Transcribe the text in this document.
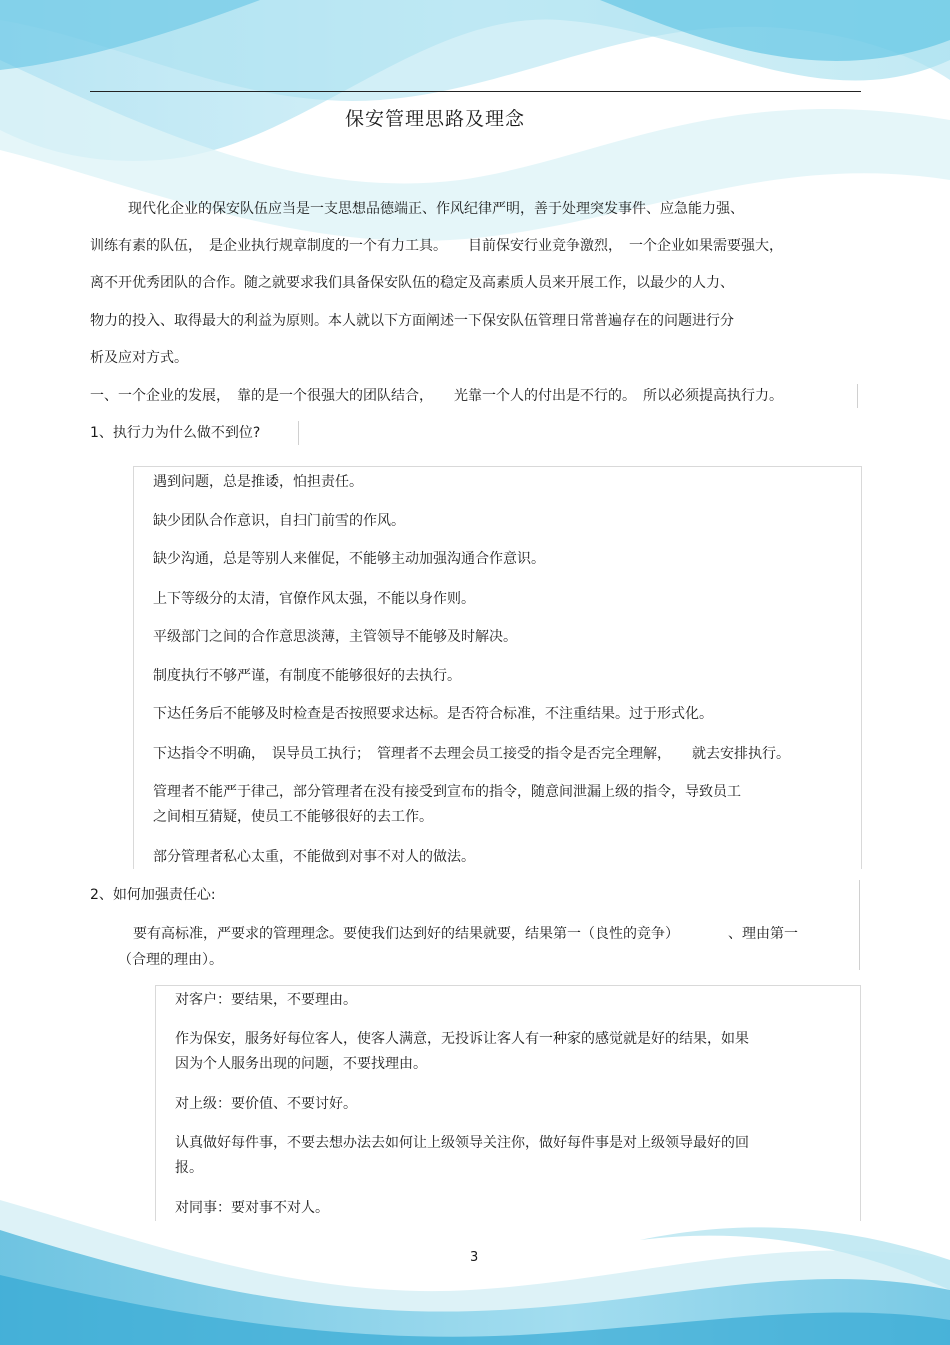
保安管理思路及理念
现代化企业的保安队伍应当是一支思想品德端正、作风纪律严明，善于处理突发事件、应急能力强、
训练有素的队伍，　是企业执行规章制度的一个有力工具。　　目前保安行业竞争激烈，　一个企业如果需要强大，
离不开优秀团队的合作。随之就要求我们具备保安队伍的稳定及高素质人员来开展工作，以最少的人力、
物力的投入、取得最大的利益为原则。本人就以下方面阐述一下保安队伍管理日常普遍存在的问题进行分
析及应对方式。
一、一个企业的发展，　靠的是一个很强大的团队结合，　　光靠一个人的付出是不行的。　所以必须提高执行力。
1、执行力为什么做不到位?
遇到问题，总是推诿，怕担责任。
缺少团队合作意识，自扫门前雪的作风。
缺少沟通，总是等别人来催促，不能够主动加强沟通合作意识。
上下等级分的太清，官僚作风太强，不能以身作则。
平级部门之间的合作意思淡薄，主管领导不能够及时解决。
制度执行不够严谨，有制度不能够很好的去执行。
下达任务后不能够及时检查是否按照要求达标。是否符合标准，不注重结果。过于形式化。
下达指令不明确，　误导员工执行；　管理者不去理会员工接受的指令是否完全理解，　　就去安排执行。
管理者不能严于律己，部分管理者在没有接受到宣布的指令，随意间泄漏上级的指令，导致员工
之间相互猜疑，使员工不能够很好的去工作。
部分管理者私心太重，不能做到对事不对人的做法。
2、如何加强责任心:
要有高标准，严要求的管理理念。要使我们达到好的结果就要，结果第一（良性的竞争）　　　　、理由第一
（合理的理由）。
对客户：要结果，不要理由。
作为保安，服务好每位客人，使客人满意，无投诉让客人有一种家的感觉就是好的结果，如果
因为个人服务出现的问题，不要找理由。
对上级：要价值、不要讨好。
认真做好每件事，不要去想办法去如何让上级领导关注你，做好每件事是对上级领导最好的回
报。
对同事：要对事不对人。
3
